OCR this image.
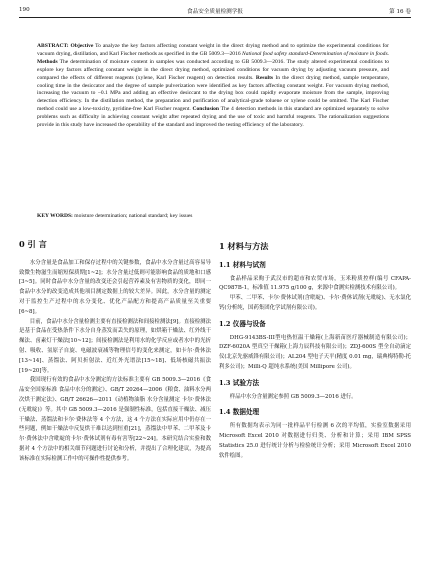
190	食品安全质量检测学报	第 16 卷
ABSTRACT: Objective To analyze the key factors affecting constant weight in the direct drying method and to optimize the experimental conditions for vacuum drying, distillation, and Karl Fischer methods as specified in the GB 5009.3—2016 National food safety standard-Determination of moisture in foods. Methods The determination of moisture content in samples was conducted according to GB 5009.3—2016. The study altered experimental conditions to explore key factors affecting constant weight in the direct drying method, optimized conditions for vacuum drying by adjusting vacuum pressure, and compared the effects of different reagents (xylene, Karl Fischer reagent) on detection results. Results In the direct drying method, sample temperature, cooling time in the desiccator and the degree of sample pulverization were identified as key factors affecting constant weight. For vacuum drying method, increasing the vacuum to −0.1 MPa and adding an effective desiccant to the drying box could rapidly evaporate moisture from the sample, improving detection efficiency. In the distillation method, the preparation and purification of analytical-grade toluene or xylene could be omitted. The Karl Fischer method could use a low-toxicity, pyridine-free Karl Fischer reagent. Conclusion The 4 detection methods in this standard are optimized separately to solve problems such as difficulty in achieving constant weight after repeated drying and the use of toxic and harmful reagents. The rationalization suggestions provide in this study have increased the operability of the standard and improved the testing efficiency of the laboratory.
KEY WORDS: moisture determination; national standard; key issues
0 引 言

水分含量是食品加工和保存过程中的关键参数，食品中水分含量过高容易导致微生物滋生而缩短保质期[1~2]；水分含量过低则可能影响食品的质地和口感[3~5]。同时食品中水分含量的改变还会引起营养素及有害物质的变化，即同一食品中水分的改变造成其他项目测定数据上的较大差异。因此，水分含量的测定对于监控生产过程中的水分变化、优化产品配方和提高产品质量至关重要[6~8]。

目前，食品中水分含量检测主要有直接检测法和间接检测法[9]。直接检测法是基于食品在受热条件下水分自身蒸发而丢失的原理，如烘箱干燥法、红外线干燥法、卤素灯干燥法[10~12]；间接检测法是利用水的化学反应或者水中的光折射、吸收、氢原子自旋、电磁波衰减等物理信号的变化来测定，如卡尔·费休法[13~14]、蒸馏法、阿贝折射法、近红外光谱法[15~18]、低场核磁共振法[19~20]等。

我国现行有效的食品中水分测定的方法标准主要有 GB 5009.3—2016《食品安全国家标准 食品中水分的测定》、GB/T 20264—2006《粮食、油料水分两次烘干测定法》、GB/T 26626—2011《动植物油脂 水分含量测定 卡尔·费休法(无吡啶)》等。其中 GB 5009.3—2016 是强制性标准，包括直接干燥法、减压干燥法、蒸馏法和卡尔·费休法等 4 个方法，这 4 个方法在实际应用中仍存在一些问题，例如干燥法中反复烘干难以达到恒重[21]，蒸馏法中甲苯、二甲苯及卡尔·费休法中含吡啶的卡尔·费休试剂有毒有害等[22~24]。本研究结合实验和数据对 4 个方法中的相关细节问题进行讨论和分析，并提出了合理化建议，为提高该标准在实际检测工作中的可操作性提供参考。

1 材料与方法
1.1 材料与试剂

食品样品采购于武汉市的超市和农贸市场，玉米粉质控样(编号 CFAPA-QC987B-1，标准值 11.975 g/100 g，来源中食测实检测技术有限公司)。

甲苯、二甲苯、卡尔·费休试剂(含吡啶)、卡尔·费休试剂(无吡啶)、无水氯化钙(分析纯，国药集团化学试剂有限公司)。

1.2 仪器与设备

DHG-9143BS-III型电热恒温干燥箱(上海新苗医疗器械制造有限公司)；DZF-6020A 型真空干燥箱(上海力辰科技有限公司)；ZDJ-600S 型全自动滴定仪(北京先驱威锋有限公司)；AL204 型电子天平(精度 0.01 mg，瑞典梅特勒-托利多公司)；Milli-Q 超纯水系统(美国 Millipore 公司)。

1.3 试验方法

样品中水分含量测定参照 GB 5009.3—2016 进行。

1.4 数据处理

所有数据均表示为同一批样品平行检测 6 次的平均值，实验室数据采用 Microsoft Excel 2010 对数据进行归类、分析和计算；采用 IBM SPSS Statistics 25.0 进行统计分析与检验统计分析；采用 Microsoft Excel 2010 软件绘图。
